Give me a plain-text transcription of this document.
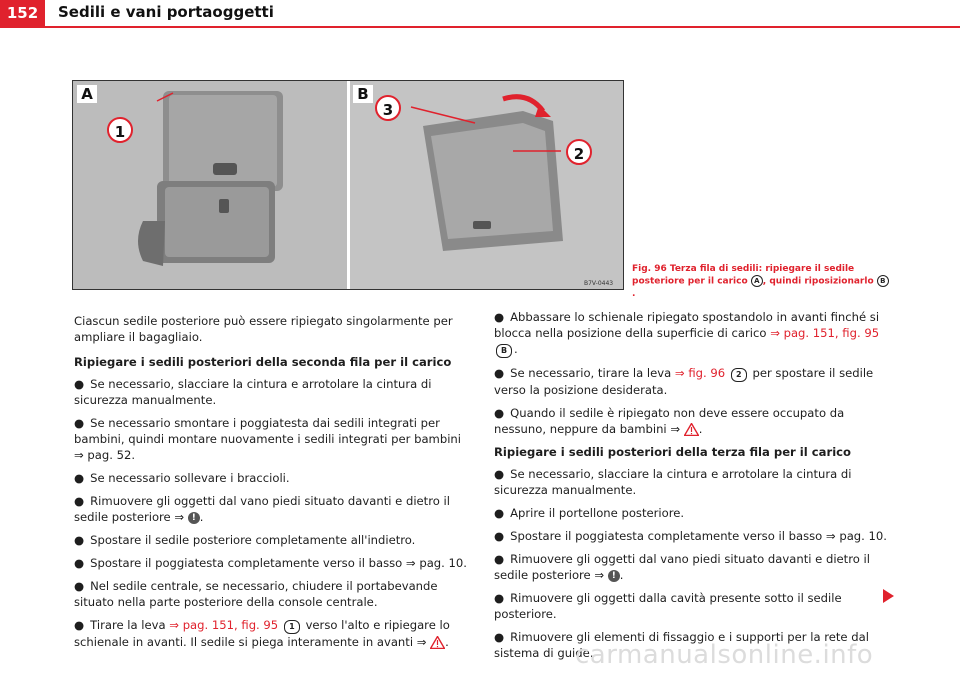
152	Sedili e vani portaoggetti
A	B
1
3
2
B7V-0443
Fig. 96 Terza fila di sedili: ripiegare il sedile posteriore per il carico A , quindi riposizionarlo B.

Ciascun sedile posteriore può essere ripiegato singolarmente per ampliare il bagagliaio.

Ripiegare i sedili posteriori della seconda fila per il carico

● Se necessario, slacciare la cintura e arrotolare la cintura di sicurezza manualmente.

● Se necessario smontare i poggiatesta dai sedili integrati per bambini, quindi montare nuovamente i sedili integrati per bambini ⇒ pag. 52.

● Se necessario sollevare i braccioli.

● Rimuovere gli oggetti dal vano piedi situato davanti e dietro il sedile posteriore ⇒ ! .

● Spostare il sedile posteriore completamente all'indietro.

● Spostare il poggiatesta completamente verso il basso ⇒ pag. 10.

● Nel sedile centrale, se necessario, chiudere il portabevande situato nella parte posteriore della console centrale.

● Tirare la leva ⇒ pag. 151, fig. 95 1 verso l'alto e ripiegare lo schienale in avanti. Il sedile si piega interamente in avanti ⇒ .

● Abbassare lo schienale ripiegato spostandolo in avanti finché si blocca nella posizione della superficie di carico ⇒ pag. 151, fig. 95 B .

● Se necessario, tirare la leva ⇒ fig. 96 2 per spostare il sedile verso la posizione desiderata.

● Quando il sedile è ripiegato non deve essere occupato da nessuno, neppure da bambini ⇒ .

Ripiegare i sedili posteriori della terza fila per il carico

● Se necessario, slacciare la cintura e arrotolare la cintura di sicurezza manualmente.

● Aprire il portellone posteriore.

● Spostare il poggiatesta completamente verso il basso ⇒ pag. 10.

● Rimuovere gli oggetti dal vano piedi situato davanti e dietro il sedile posteriore ⇒ ! .

● Rimuovere gli oggetti dalla cavità presente sotto il sedile posteriore.

● Rimuovere gli elementi di fissaggio e i supporti per la rete dal sistema di guide.

carmanualsonline.info
